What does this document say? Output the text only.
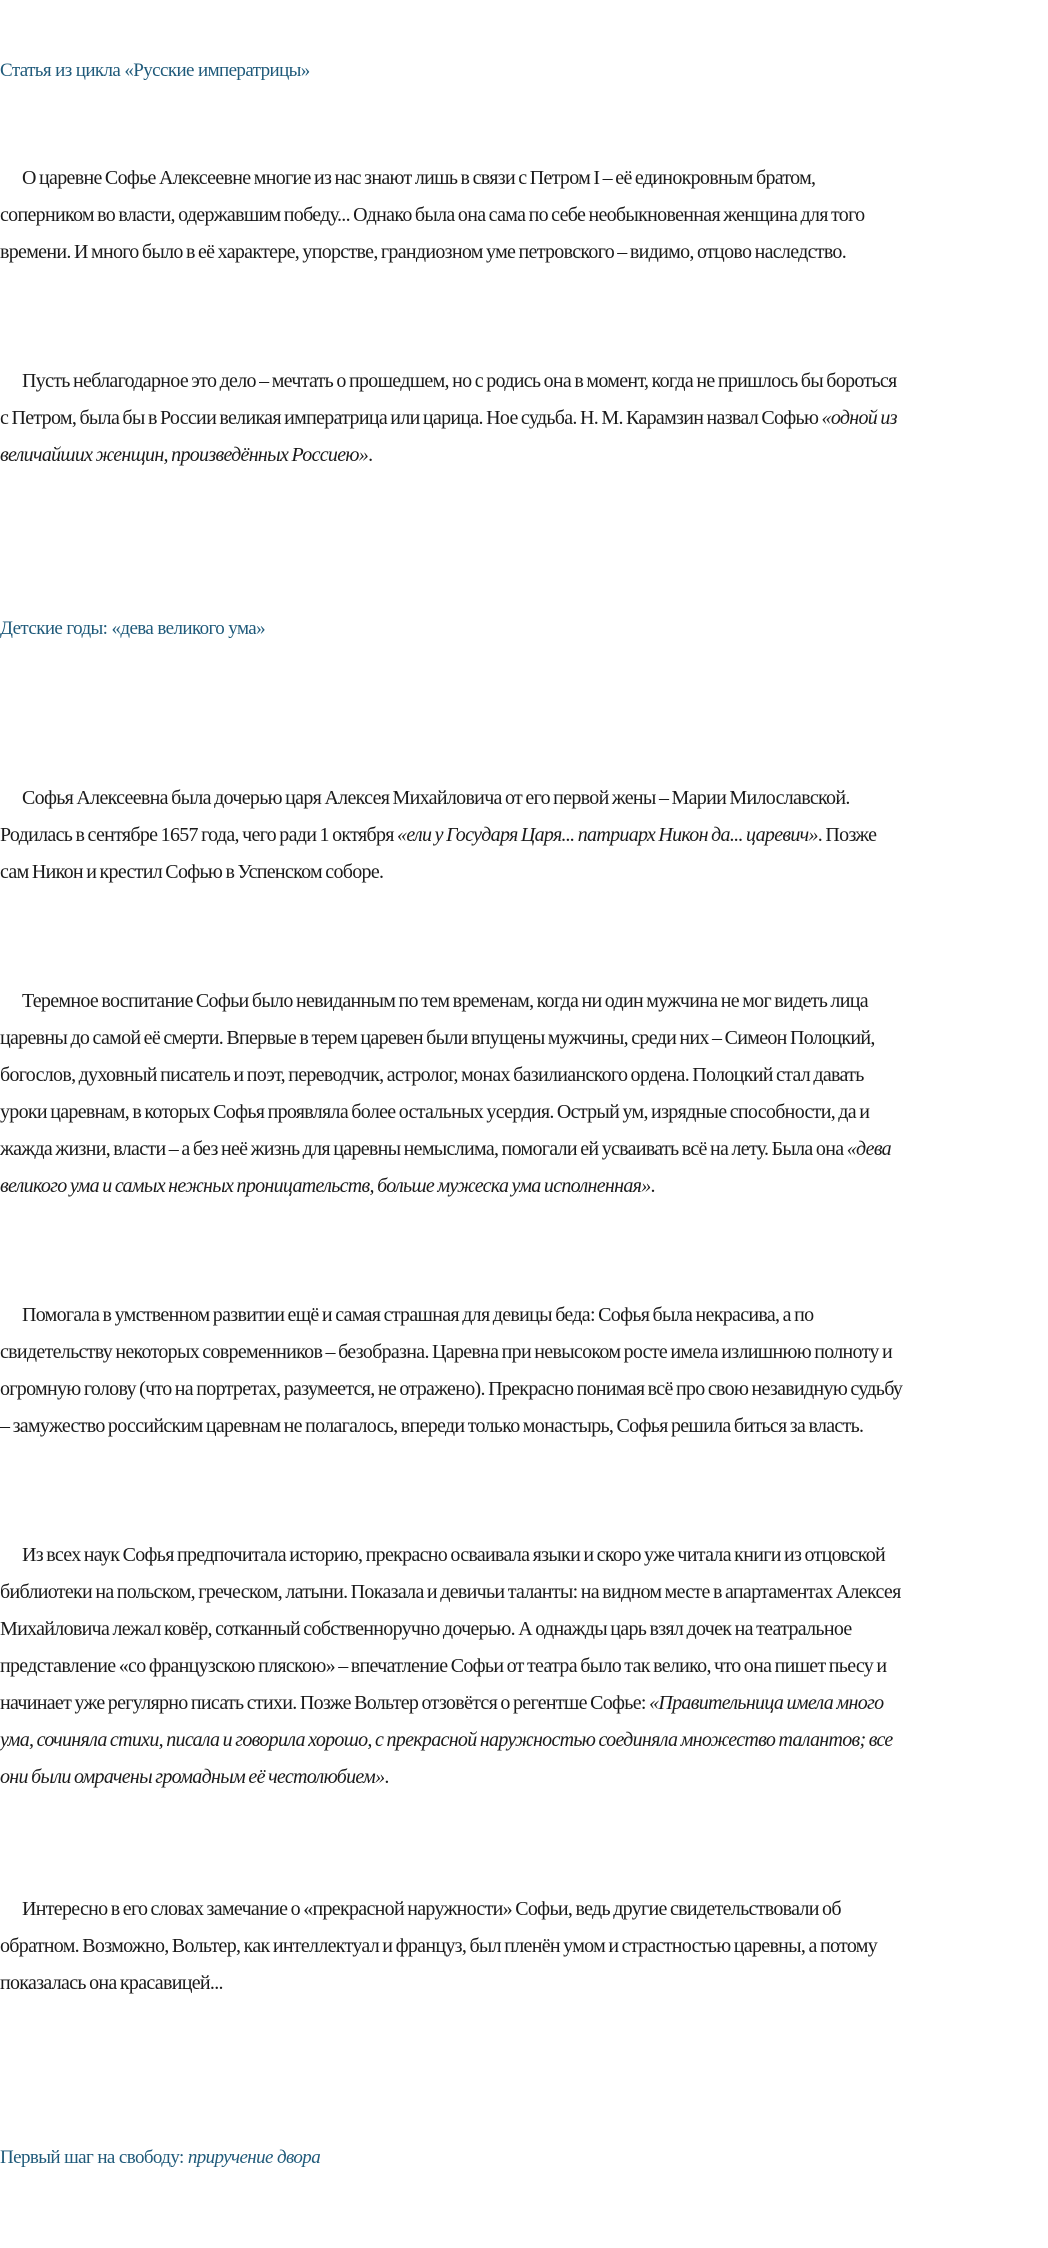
Статья из цикла «Русские императрицы»

О царевне Софье Алексеевне многие из нас знают лишь в связи с Петром I – её единокровным братом, соперником во власти, одержавшим победу... Однако была она сама по себе необыкновенная женщина для того времени. И много было в её характере, упорстве, грандиозном уме петровского – видимо, отцово наследство.

Пусть неблагодарное это дело – мечтать о прошедшем, но с родись она в момент, когда не пришлось бы бороться с Петром, была бы в России великая императрица или царица. Ное судьба. Н. М. Карамзин назвал Софью «одной из величайших женщин, произведённых Россиею».

Детские годы: «дева великого ума»

Софья Алексеевна была дочерью царя Алексея Михайловича от его первой жены – Марии Милославской. Родилась в сентябре 1657 года, чего ради 1 октября «ели у Государя Царя... патриарх Никон да... царевич». Позже сам Никон и крестил Софью в Успенском соборе.

Теремное воспитание Софьи было невиданным по тем временам, когда ни один мужчина не мог видеть лица царевны до самой её смерти. Впервые в терем царевен были впущены мужчины, среди них – Симеон Полоцкий, богослов, духовный писатель и поэт, переводчик, астролог, монах базилианского ордена. Полоцкий стал давать уроки царевнам, в которых Софья проявляла более остальных усердия. Острый ум, изрядные способности, да и жажда жизни, власти – а без неё жизнь для царевны немыслима, помогали ей усваивать всё на лету. Была она «дева великого ума и самых нежных проницательств, больше мужеска ума исполненная».

Помогала в умственном развитии ещё и самая страшная для девицы беда: Софья была некрасива, а по свидетельству некоторых современников – безобразна. Царевна при невысоком росте имела излишнюю полноту и огромную голову (что на портретах, разумеется, не отражено). Прекрасно понимая всё про свою незавидную судьбу – замужество российским царевнам не полагалось, впереди только монастырь, Софья решила биться за власть.

Из всех наук Софья предпочитала историю, прекрасно осваивала языки и скоро уже читала книги из отцовской библиотеки на польском, греческом, латыни. Показала и девичьи таланты: на видном месте в апартаментах Алексея Михайловича лежал ковёр, сотканный собственноручно дочерью. А однажды царь взял дочек на театральное представление «со французскою пляскою» – впечатление Софьи от театра было так велико, что она пишет пьесу и начинает уже регулярно писать стихи. Позже Вольтер отзовётся о регентше Софье: «Правительница имела много ума, сочиняла стихи, писала и говорила хорошо, с прекрасной наружностью соединяла множество талантов; все они были омрачены громадным её честолюбием».

Интересно в его словах замечание о «прекрасной наружности» Софьи, ведь другие свидетельствовали об обратном. Возможно, Вольтер, как интеллектуал и француз, был пленён умом и страстностью царевны, а потому показалась она красавицей...

Первый шаг на свободу: приручение двора
